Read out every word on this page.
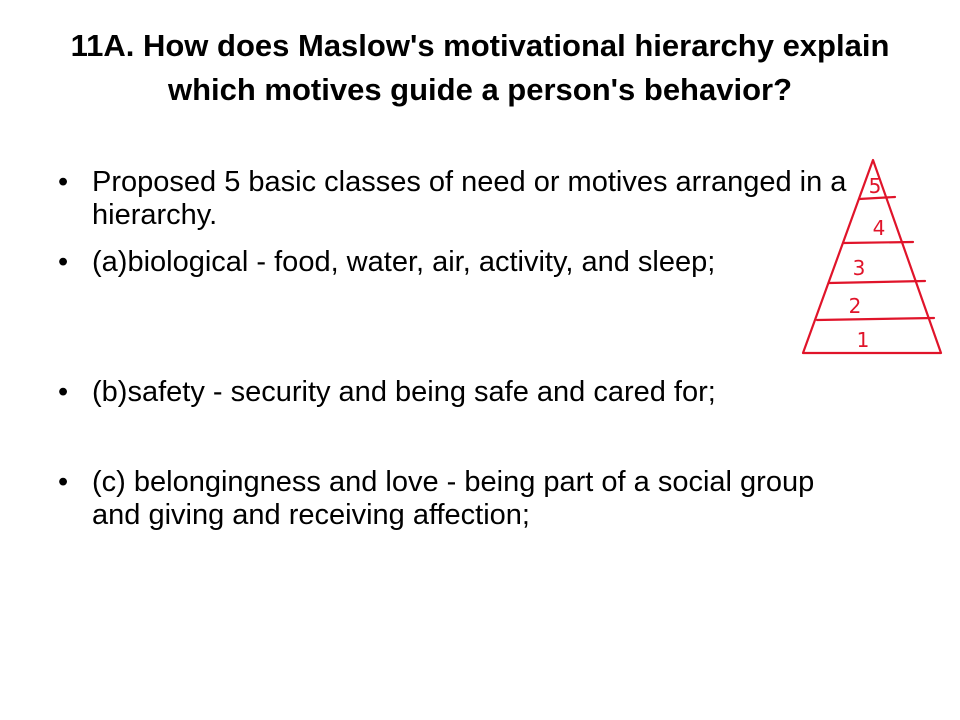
11A. How does Maslow's motivational hierarchy explain which motives guide a person's behavior?
• Proposed 5 basic classes of need or motives arranged in a hierarchy.
• (a)biological - food, water, air, activity, and sleep;
• (b)safety - security and being safe and cared for;
• (c) belongingness and love - being part of a social group and giving and receiving affection;
5
4
3
2
1
